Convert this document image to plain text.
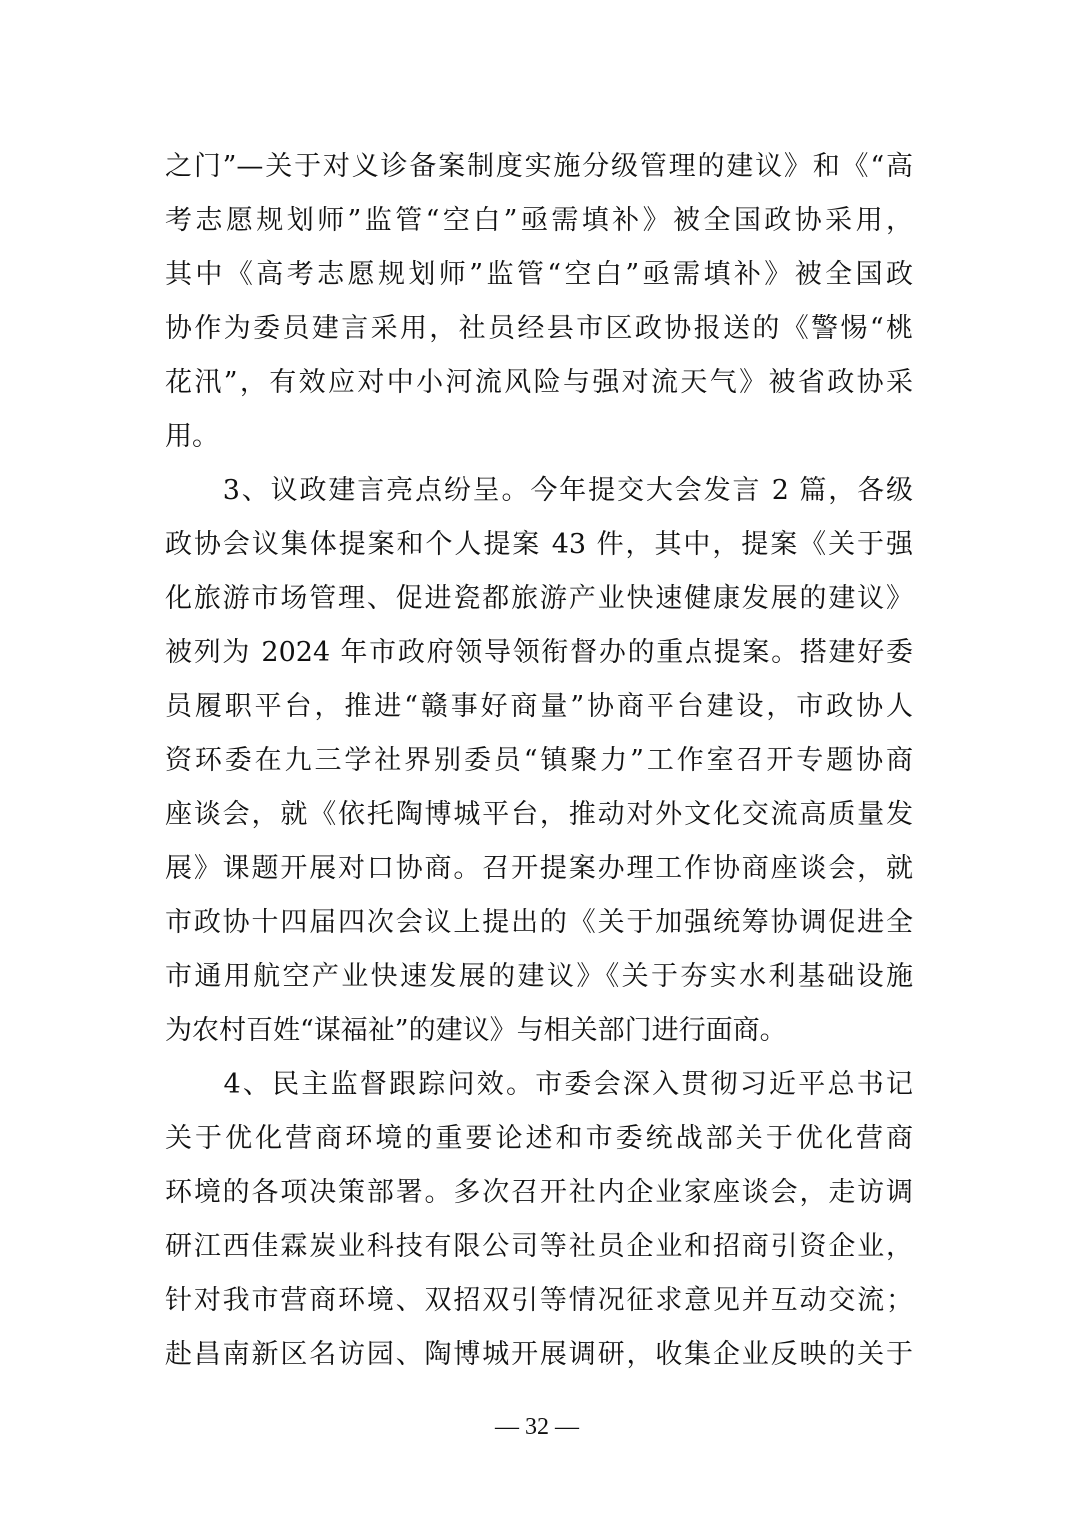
之门”—关于对义诊备案制度实施分级管理的建议》和《“高
考志愿规划师”监管“空白”亟需填补》被全国政协采用，
其中《高考志愿规划师”监管“空白”亟需填补》被全国政
协作为委员建言采用，社员经县市区政协报送的《警惕“桃
花汛”，有效应对中小河流风险与强对流天气》被省政协采
用。
　　3、议政建言亮点纷呈。今年提交大会发言 2 篇，各级
政协会议集体提案和个人提案 43 件，其中，提案《关于强
化旅游市场管理、促进瓷都旅游产业快速健康发展的建议》
被列为 2024 年市政府领导领衔督办的重点提案。搭建好委
员履职平台，推进“赣事好商量”协商平台建设，市政协人
资环委在九三学社界别委员“镇聚力”工作室召开专题协商
座谈会，就《依托陶博城平台，推动对外文化交流高质量发
展》课题开展对口协商。召开提案办理工作协商座谈会，就
市政协十四届四次会议上提出的《关于加强统筹协调促进全
市通用航空产业快速发展的建议》《关于夯实水利基础设施
为农村百姓“谋福祉”的建议》与相关部门进行面商。
　　4、民主监督跟踪问效。市委会深入贯彻习近平总书记
关于优化营商环境的重要论述和市委统战部关于优化营商
环境的各项决策部署。多次召开社内企业家座谈会，走访调
研江西佳霖炭业科技有限公司等社员企业和招商引资企业，
针对我市营商环境、双招双引等情况征求意见并互动交流；
赴昌南新区名访园、陶博城开展调研，收集企业反映的关于
— 32 —
